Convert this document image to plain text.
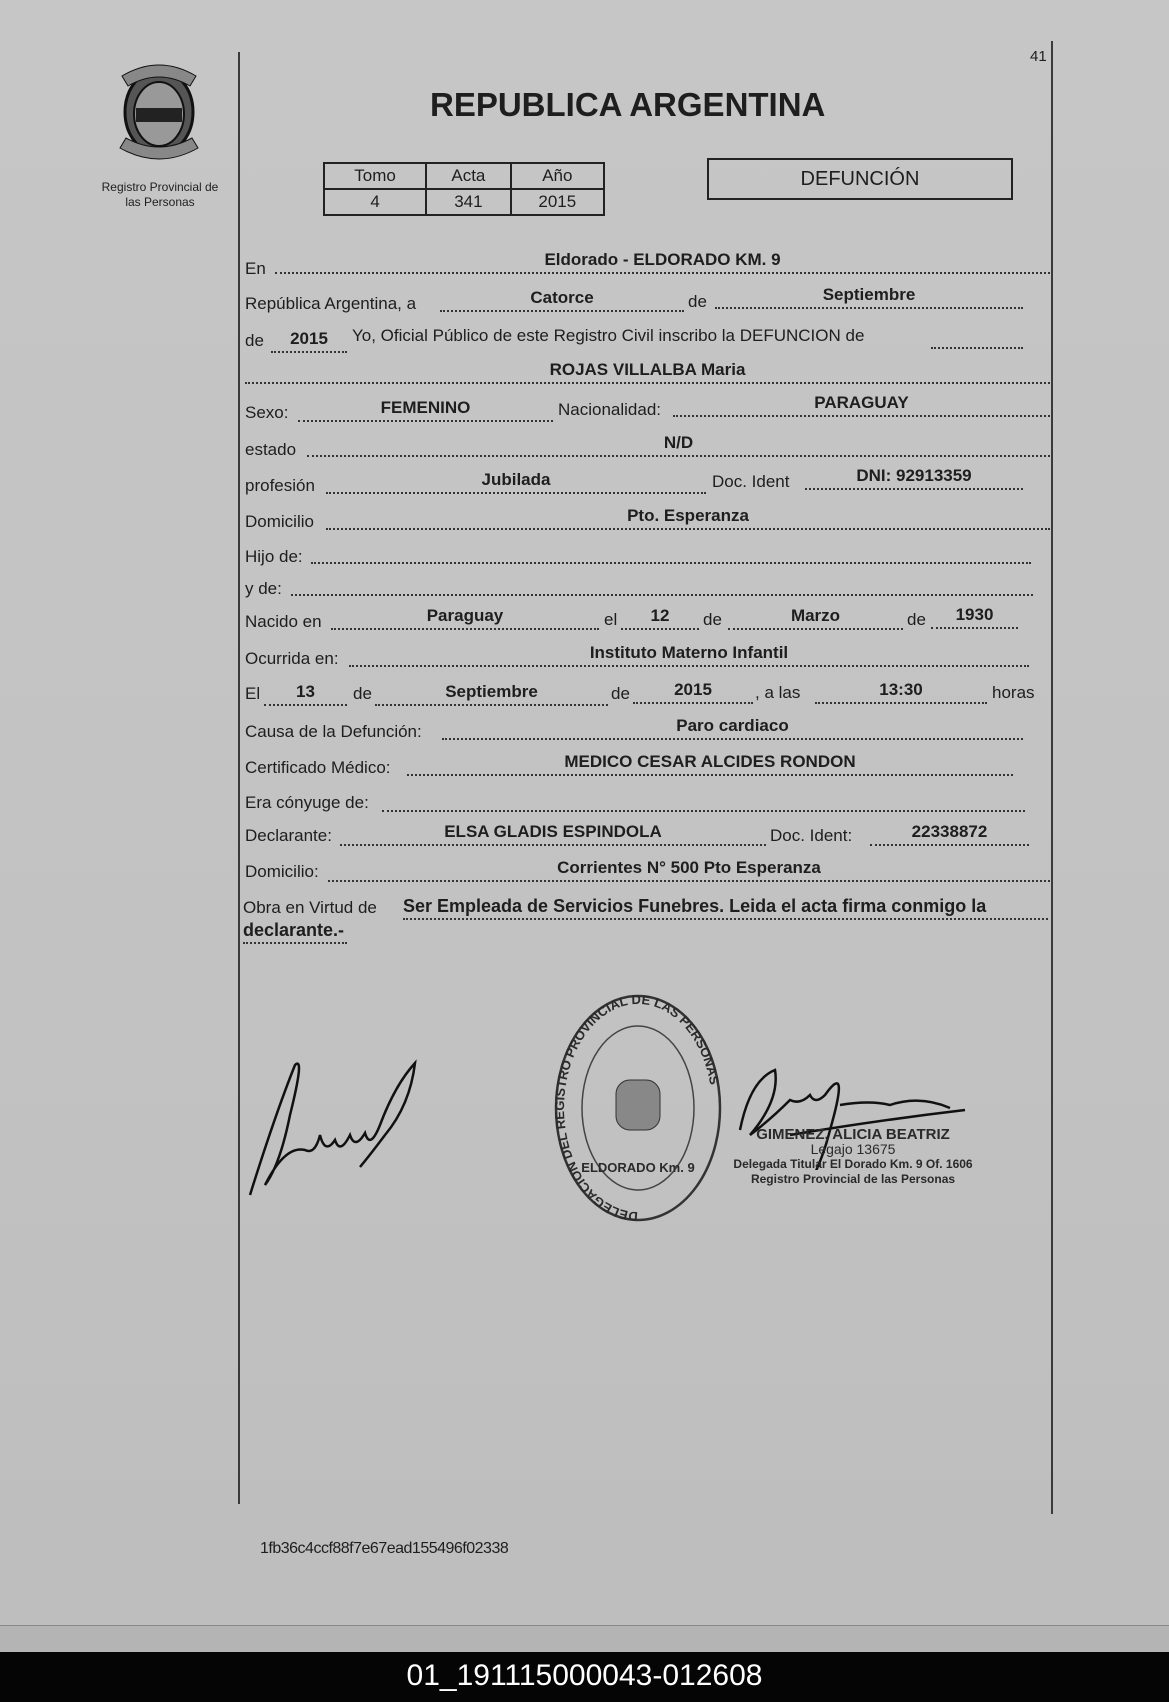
41
Registro Provincial de
las Personas
REPUBLICA ARGENTINA
Tomo	Acta	Año
4	341	2015
DEFUNCIÓN
En	Eldorado - ELDORADO KM. 9
República Argentina, a	Catorce	de	Septiembre
de	2015	Yo, Oficial Público de este Registro Civil inscribo la DEFUNCION de
ROJAS VILLALBA Maria
Sexo:	FEMENINO	Nacionalidad:	PARAGUAY
estado	N/D
profesión	Jubilada	Doc. Ident	DNI: 92913359
Domicilio	Pto. Esperanza
Hijo de:
y de:
Nacido en	Paraguay	el	12	de	Marzo	de	1930
Ocurrida en:	Instituto Materno Infantil
El	13	de	Septiembre	de	2015	, a las	13:30	horas
Causa de la Defunción:	Paro cardiaco
Certificado Médico:	MEDICO CESAR ALCIDES RONDON
Era cónyuge de:
Declarante:	ELSA GLADIS ESPINDOLA	Doc. Ident:	22338872
Domicilio:	Corrientes N° 500 Pto Esperanza
Obra en Virtud de Ser Empleada de Servicios Funebres. Leida el acta firma conmigo la
declarante.-
DELEGACION DEL REGISTRO PROVINCIAL DE LAS PERSONAS
ELDORADO Km. 9
GIMENEZ, ALICIA BEATRIZ
Legajo 13675
Delegada Titular El Dorado Km. 9 Of. 1606
Registro Provincial de las Personas
1fb36c4ccf88f7e67ead155496f02338
01_191115000043-012608
